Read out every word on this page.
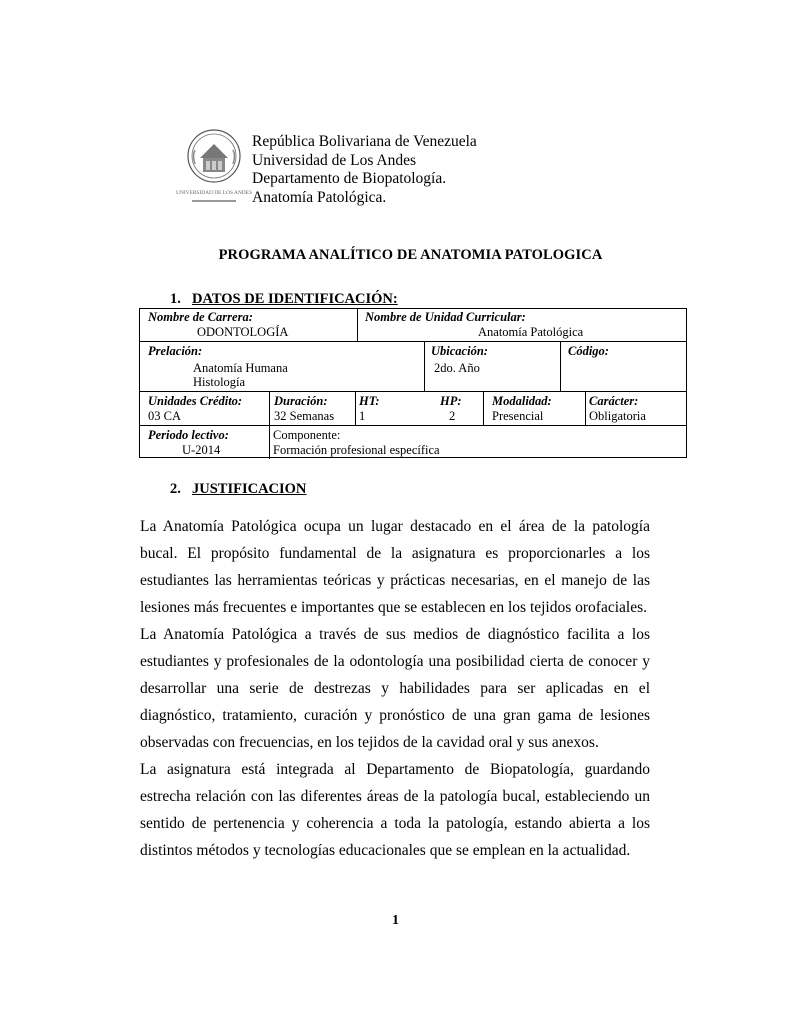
UNIVERSIDAD DE LOS ANDES
República Bolivariana de Venezuela
Universidad de Los Andes
Departamento de Biopatología.
Anatomía Patológica.
PROGRAMA ANALÍTICO DE ANATOMIA PATOLOGICA
1. DATOS DE IDENTIFICACIÓN:
Nombre de Carrera:
ODONTOLOGÍA
Nombre de Unidad Curricular:
Anatomía Patológica
Prelación:
Anatomía Humana
Histología
Ubicación:
2do. Año
Código:
Unidades Crédito:
03 CA
Duración:
32 Semanas
HT:
1
HP:
2
Modalidad:
Presencial
Carácter:
Obligatoria
Periodo lectivo:
U-2014
Componente:
Formación profesional específica
2. JUSTIFICACION

La Anatomía Patológica ocupa un lugar destacado en el área de la patología bucal. El propósito fundamental de la asignatura es proporcionarles a los estudiantes las herramientas teóricas y prácticas necesarias, en el manejo de las lesiones más frecuentes e importantes que se establecen en los tejidos orofaciales.

La Anatomía Patológica a través de sus medios de diagnóstico facilita a los estudiantes y profesionales de la odontología una posibilidad cierta de conocer y desarrollar una serie de destrezas y habilidades para ser aplicadas en el diagnóstico, tratamiento, curación y pronóstico de una gran gama de lesiones observadas con frecuencias, en los tejidos de la cavidad oral y sus anexos.

La asignatura está integrada al Departamento de Biopatología, guardando estrecha relación con las diferentes áreas de la patología bucal, estableciendo un sentido de pertenencia y coherencia a toda la patología, estando abierta a los distintos métodos y tecnologías educacionales que se emplean en la actualidad.

1
